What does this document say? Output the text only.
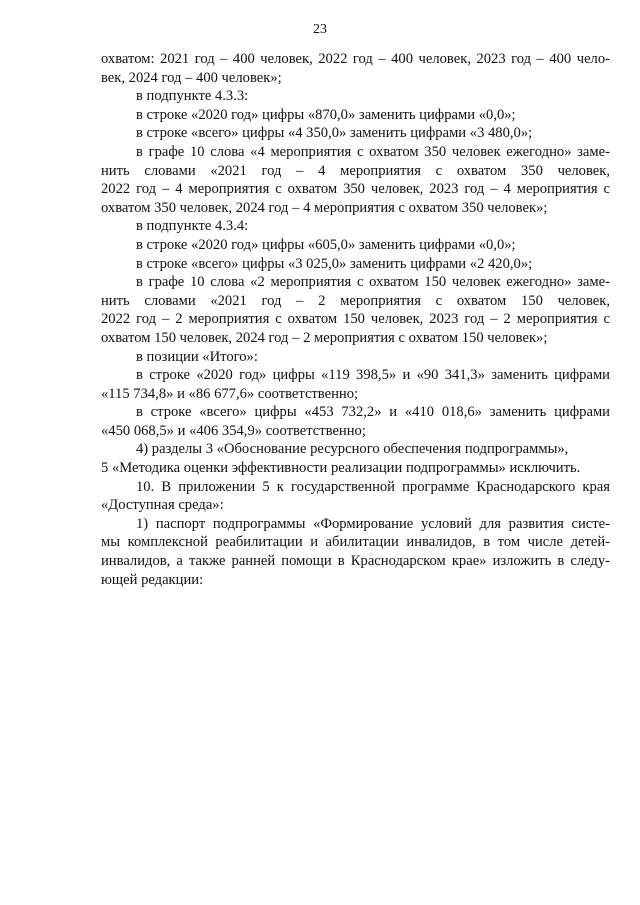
23
охватом: 2021 год – 400 человек, 2022 год – 400 человек, 2023 год – 400 чело-
век, 2024 год – 400 человек»;
в подпункте 4.3.3:
в строке «2020 год» цифры «870,0» заменить цифрами «0,0»;
в строке «всего» цифры «4 350,0» заменить цифрами «3 480,0»;
в графе 10 слова «4 мероприятия с охватом 350 человек ежегодно» заме-
нить словами «2021 год – 4 мероприятия с охватом 350 человек,
2022 год – 4 мероприятия с охватом 350 человек, 2023 год – 4 мероприятия с
охватом 350 человек, 2024 год – 4 мероприятия с охватом 350 человек»;
в подпункте 4.3.4:
в строке «2020 год» цифры «605,0» заменить цифрами «0,0»;
в строке «всего» цифры «3 025,0» заменить цифрами «2 420,0»;
в графе 10 слова «2 мероприятия с охватом 150 человек ежегодно» заме-
нить словами «2021 год – 2 мероприятия с охватом 150 человек,
2022 год – 2 мероприятия с охватом 150 человек, 2023 год – 2 мероприятия с
охватом 150 человек, 2024 год – 2 мероприятия с охватом 150 человек»;
в позиции «Итого»:
в строке «2020 год» цифры «119 398,5» и «90 341,3» заменить цифрами
«115 734,8» и «86 677,6» соответственно;
в строке «всего» цифры «453 732,2» и «410 018,6» заменить цифрами
«450 068,5» и «406 354,9» соответственно;
4) разделы 3 «Обоснование ресурсного обеспечения подпрограммы»,
5 «Методика оценки эффективности реализации подпрограммы» исключить.
10. В приложении 5 к государственной программе Краснодарского края
«Доступная среда»:
1) паспорт подпрограммы «Формирование условий для развития систе-
мы комплексной реабилитации и абилитации инвалидов, в том числе детей-
инвалидов, а также ранней помощи в Краснодарском крае» изложить в следу-
ющей редакции:
